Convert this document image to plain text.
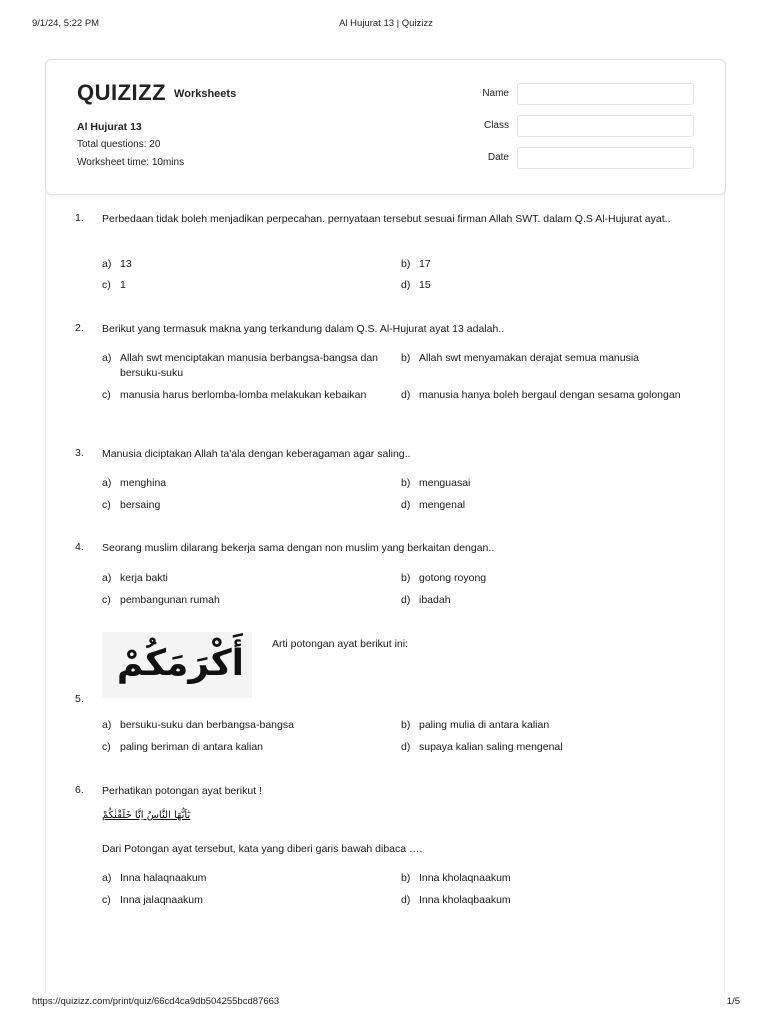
9/1/24, 5:22 PM	Al Hujurat 13 | Quizizz
QUIZIZZ Worksheets
Al Hujurat 13
Total questions: 20
Worksheet time: 10mins
Name
Class
Date
1. Perbedaan tidak boleh menjadikan perpecahan. pernyataan tersebut sesuai firman Allah SWT. dalam Q.S Al-Hujurat ayat..
a) 13	b) 17
c) 1	d) 15
2. Berikut yang termasuk makna yang terkandung dalam Q.S. Al-Hujurat ayat 13 adalah..
a) Allah swt menciptakan manusia berbangsa-bangsa dan bersuku-suku
b) Allah swt menyamakan derajat semua manusia
c) manusia harus berlomba-lomba melakukan kebaikan	d) manusia hanya boleh bergaul dengan sesama golongan
3. Manusia diciptakan Allah ta'ala dengan keberagaman agar saling..
a) menghina	b) menguasai
c) bersaing	d) mengenal
4. Seorang muslim dilarang bekerja sama dengan non muslim yang berkaitan dengan..
a) kerja bakti	b) gotong royong
c) pembangunan rumah	d) ibadah
أَكْرَمَكُمْ	Arti potongan ayat berikut ini:
5.
a) bersuku-suku dan berbangsa-bangsa	b) paling mulia di antara kalian
c) paling beriman di antara kalian	d) supaya kalian saling mengenal
6. Perhatikan potongan ayat berikut !
يٰٓاَيُّهَا النَّاسُ اِنَّا خَلَقْنٰكُمْ
Dari Potongan ayat tersebut, kata yang diberi garis bawah dibaca ….
a) Inna halaqnaakum	b) Inna kholaqnaakum
c) Inna jalaqnaakum	d) Inna kholaqbaakum
https://quizizz.com/print/quiz/66cd4ca9db504255bcd87663	1/5
